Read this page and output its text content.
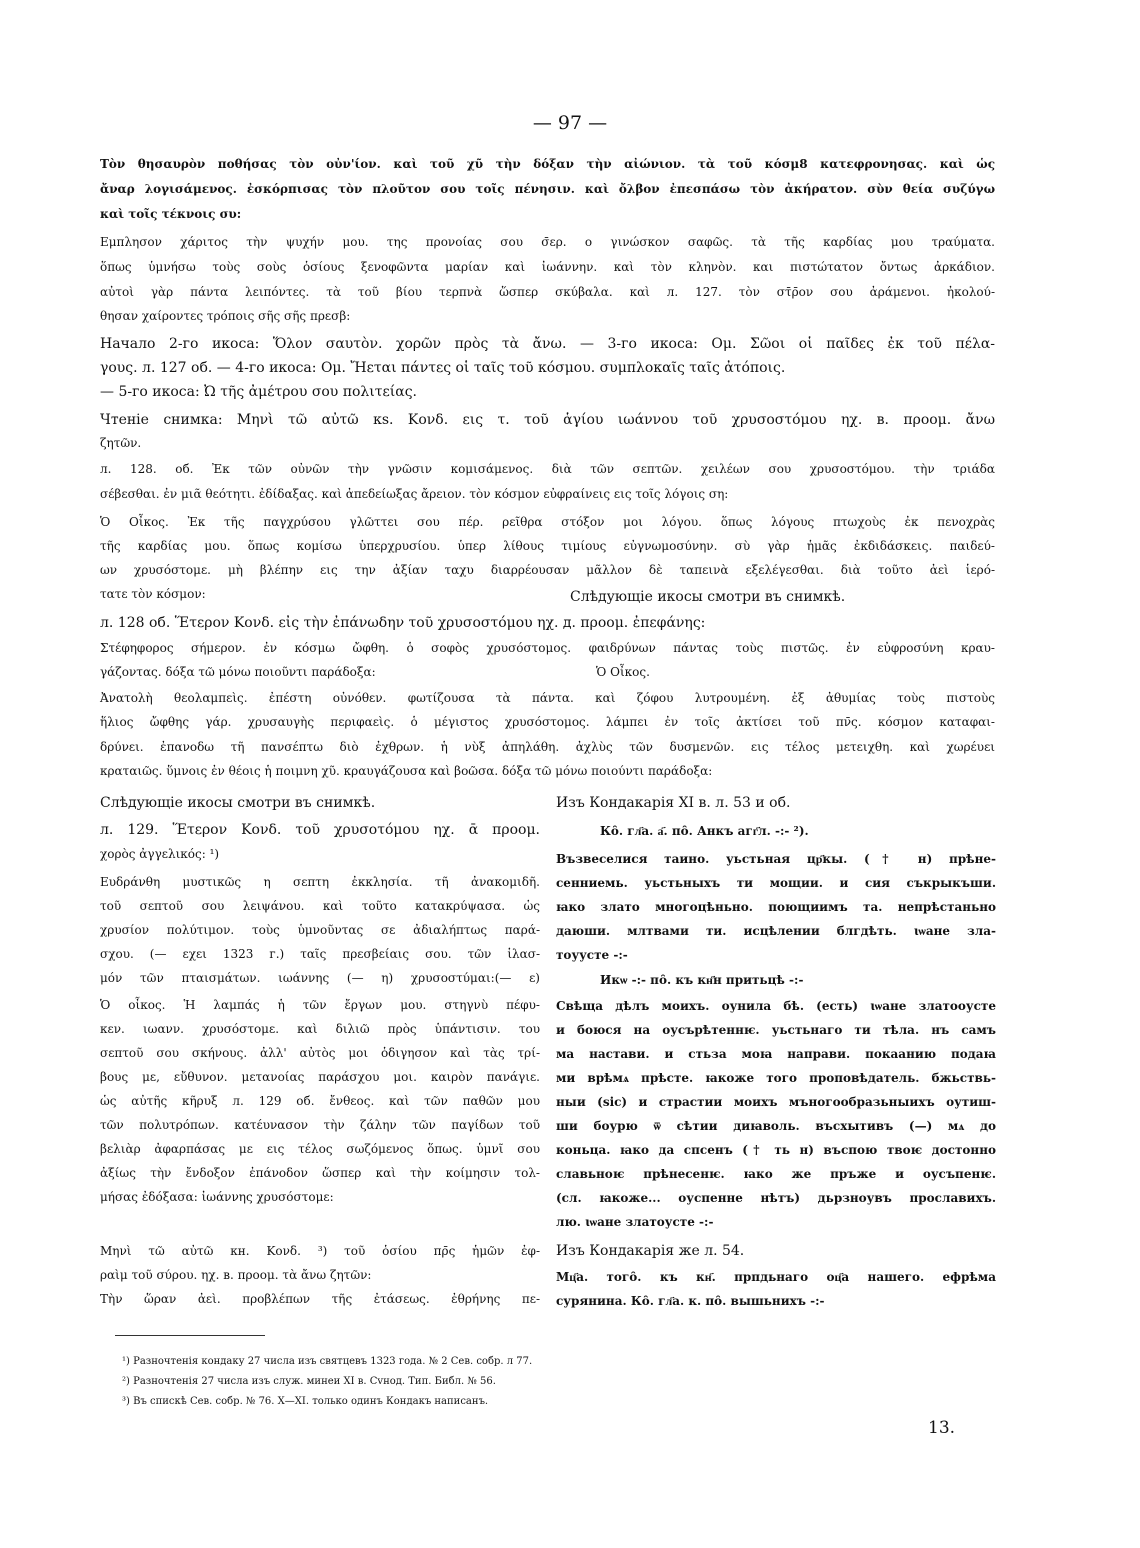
— 97 —
Τὸν θησαυρὸν ποθήσας τὸν οὐν'ίον. καὶ τοῦ χῦ τὴν δόξαν τὴν αἰώνιον. τὰ τοῦ κόσμ8 κατεφρονησας. καὶ ὡς
ἄναρ λογισάμενος. ἐσκόρπισας τὸν πλοῦτον σου τοῖς πένησιν. καὶ ὄλβον ἐπεσπάσω τὸν ἀκήρατον. σὺν θεία συζύγω
καὶ τοῖς τέκνοις συ:
Εμπλησον χάριτος τὴν ψυχήν μου. της προνοίας σου σ̄ερ. ο γινώσκον σαφῶς. τὰ τῆς καρδίας μου τραύματα.
ὅπως ὑμνήσω τοὺς σοὺς ὁσίους ξενοφῶντα μαρίαν καὶ ἰωάννην. καὶ τὸν κληνὸν. και πιστώτατον ὄντως ἀρκάδιον.
αὐτοὶ γὰρ πάντα λειπόντες. τὰ τοῦ βίου τερπνὰ ὥσπερ σκύβαλα. καὶ л. 127. τὸν στ̄ρ̄ον σου ἀράμενοι. ἠκολού-
θησαν χαίροντες τρόποις σῆς σῆς πρεσβ:
Начало 2-го икоса: Ὅλον σαυτὸν. χορῶν πρὸς τὰ ἄνω. — 3-го икоса: Ομ. Σῶοι οἱ παῖδες ἐκ τοῦ πέλα-
γους. л. 127 об. — 4-го икоса: Ομ. Ἤεται πάντες οἱ ταῖς τοῦ κόσμου. συμπλοκαῖς ταῖς ἀτόποις.
— 5-го икоса: Ὠ τῆς ἀμέτρου σου πολιτείας.
Чтеніе снимка: Μηνὶ τῶ αὐτῶ кѕ. Κονδ. εις τ. τοῦ ἁγίου ιωάννου τοῦ χρυσοστόμου ηχ. в. προομ. ἄνω
ζητῶν.
л. 128. об. Ἐκ τῶν οὐνῶν τὴν γνῶσιν κομισάμενος. διὰ τῶν σεπτῶν. χειλέων σου χρυσοστόμου. τὴν τριάδα
σέβεσθαι. ἐν μιᾶ θεότητι. ἐδίδαξας. καὶ ἀπεδείωξας ἄρειον. τὸν κόσμον εὐφραίνεις εις τοῖς λόγοις ση:
Ὁ Οἶκος. Ἐκ τῆς παγχρύσου γλῶττει σου πέρ. ρεῖθρα στόξον μοι λόγου. ὅπως λόγους πτωχοὺς ἐκ πενοχρὰς
τῆς καρδίας μου. ὅπως κομίσω ὑπερχρυσίου. ὑπερ λίθους τιμίους εὐγνωμοσύνην. σὺ γὰρ ἡμᾶς ἐκδιδάσκεις. παιδεύ-
ων χρυσόστομε. μὴ βλέπην εις την ἀξίαν ταχυ διαρρέουσαν μᾶλλον δὲ ταπεινὰ εξελέγεσθαι. διὰ τοῦτο ἀεὶ ἱερό-
τατε τὸν κόσμον:	Слѣдующіе икосы смотри въ снимкѣ.
л. 128 об. Ἕτερον Κονδ. εἰς τὴν ἐπάνωδην τοῦ χρυσοστόμου ηχ. д. προομ. ἐπεφάνης:
Στέφηφορος σήμερον. ἐν κόσμω ὤφθη. ὁ σοφὸς χρυσόστομος. φαιδρύνων πάντας τοὺς πιστῶς. ἐν εὐφροσύνη κραυ-
γάζοντας. δόξα τῶ μόνω ποιοῦντι παράδοξα:	Ὁ Οἶκος.
Ἀνατολὴ θεολαμπεὶς. ἐπέστη οὐνόθεν. φωτίζουσα τὰ πάντα. καὶ ζόφου λυτρουμένη. ἐξ ἀθυμίας τοὺς πιστοὺς
ἥλιος ὤφθης γάρ. χρυσαυγὴς περιφαεὶς. ὁ μέγιστος χρυσόστομος. λάμπει ἐν τοῖς ἀκτίσει τοῦ πν̄ς. κόσμον καταφαι-
δρύνει. ἐπανοδω τῆ πανσέπτω διὸ ἐχθρων. ἡ νὺξ ἀπηλάθη. ἀχλὺς τῶν δυσμενῶν. εις τέλος μετειχθη. καὶ χωρέυει
κραταιῶς. ὕμνοις ἐν θέοις ἡ ποιμνη χῦ. κραυγάζουσα καὶ βοῶσα. δόξα τῶ μόνω ποιούντι παράδοξα:
Слѣдующіе икосы смотри въ снимкѣ.
л. 129. Ἕτερον Κονδ. τοῦ χρυσοτόμου ηχ. ᾱ προομ.
χορὸς ἀγγελικός: ¹)
Ευδράνθη μυστικῶς η σεπτη ἐκκλησία. τῆ ἀνακομιδῆ.
τοῦ σεπτοῦ σου λειψάνου. καὶ τοῦτο κατακρύψασα. ὡς
χρυσίον πολύτιμον. τοὺς ὑμνοῦντας σε ἀδιαλήπτως παρά-
σχου. (— εχει 1323 г.) ταῖς πρεσβείαις σου. τῶν ἱλασ-
μόν τῶν πταισμάτων. ιωάννης (— η) χρυσοστύμαι:(— ε)
Ὁ οἶκος. Ἡ λαμπάς ἡ τῶν ἔργων μου. στηγνὺ πέφυ-
κεν. ιωανν. χρυσόστομε. καὶ διλιῶ πρὸς ὑπάντισιν. του
σεπτοῦ σου σκήνους. ἀλλ' αὐτὸς μοι ὁδιγησον καὶ τὰς τρί-
βους με, εὔθυνον. μετανοίας παράσχου μοι. καιρὸν πανάγιε.
ὡς αὐτῆς κῆρυξ л. 129 об. ἔνθεος. καὶ τῶν παθῶν μου
τῶν πολυτρόπων. κατέυνασον τὴν ζάλην τῶν παγίδων τοῦ
βελιὰρ ἀφαρπάσας με εις τέλος σωζόμενος ὅπως. ὑμνῖ σου
ἀξίως τὴν ἔνδοξον ἐπάνοδον ὥσπερ καὶ τὴν κοίμησιν τολ-
μήσας ἐδόξασα: ἰωάννης χρυσόστομε:
Μηνὶ τῶ αὐτῶ кн. Κονδ. ³) τοῦ ὁσίου πρ̄ς ἡμῶν ἐφ-
ραὶμ τοῦ σύρου. ηχ. в. προομ. τὰ ἄνω ζητῶν:
Τὴν ὥραν ἀεὶ. προβλέπων τῆς ἐτάσεως. ἐθρήνης πε-
Изъ Кондакарія XI в. л. 53 и об.
Ко̑. гл҃а. а҃. по̑. Анкъ агг҃л. -:- ²).
Възвеселися таино. уьстьная цр҃кы. († н) прѣне-
сенниемь. уьстьныхъ ти мощии. и сия съкрыкъши.
ꙗко злато многоцѣньно. поющиимъ та. непрѣстаньно
даюши. млтвами ти. исцѣлении блгдѣть. ꙇѡане зла-
тоуусте -:-
Икѡ -:- по̑. къ кн҃н притьцѣ -:-
Свѣща дѣлъ моихъ. оунила бѣ. (есть) ꙇѡане златооусте
и боюся на оусърѣтеннѥ. уьстьнаго ти тѣла. нъ самъ
ма настави. и стьза моꙗ направи. покаанию подаꙗ
ми врѣмѧ прѣсте. ꙗкоже того проповѣдатель. бжьствь-
ныи (sic) и страстии моихъ мъногообразьныихъ оутиш-
ши боурю ѿ сѣтии диꙗволь. въсхытивъ (—) мѧ до
коньца. ꙗко да спсенъ († ть н) въспою твоѥ достонно
славьноѥ прѣнесенѥ. ꙗко же пръже и оусъпенѥ.
(сл. ꙗкоже... оуспенне нѣтъ) дьрзноувъ прославихъ.
лю. ꙇѡане златоусте -:-
Изъ Кондакарія же л. 54.
Мц҃а. того̑. къ кн҃. прпдьнаго оц҃а нашего. ефрѣма
сурянина. Ко̑. гл҃а. к. по̑. вышьнихъ -:-
¹) Разночтенія кондаку 27 числа изъ святцевъ 1323 года. № 2 Сев. собр. л 77.
²) Разночтенія 27 числа изъ служ. минеи XI в. Сvнод. Тип. Библ. № 56.
³) Въ спискѣ Сев. собр. № 76. X—XI. только одинъ Кондакъ написанъ.
13.
